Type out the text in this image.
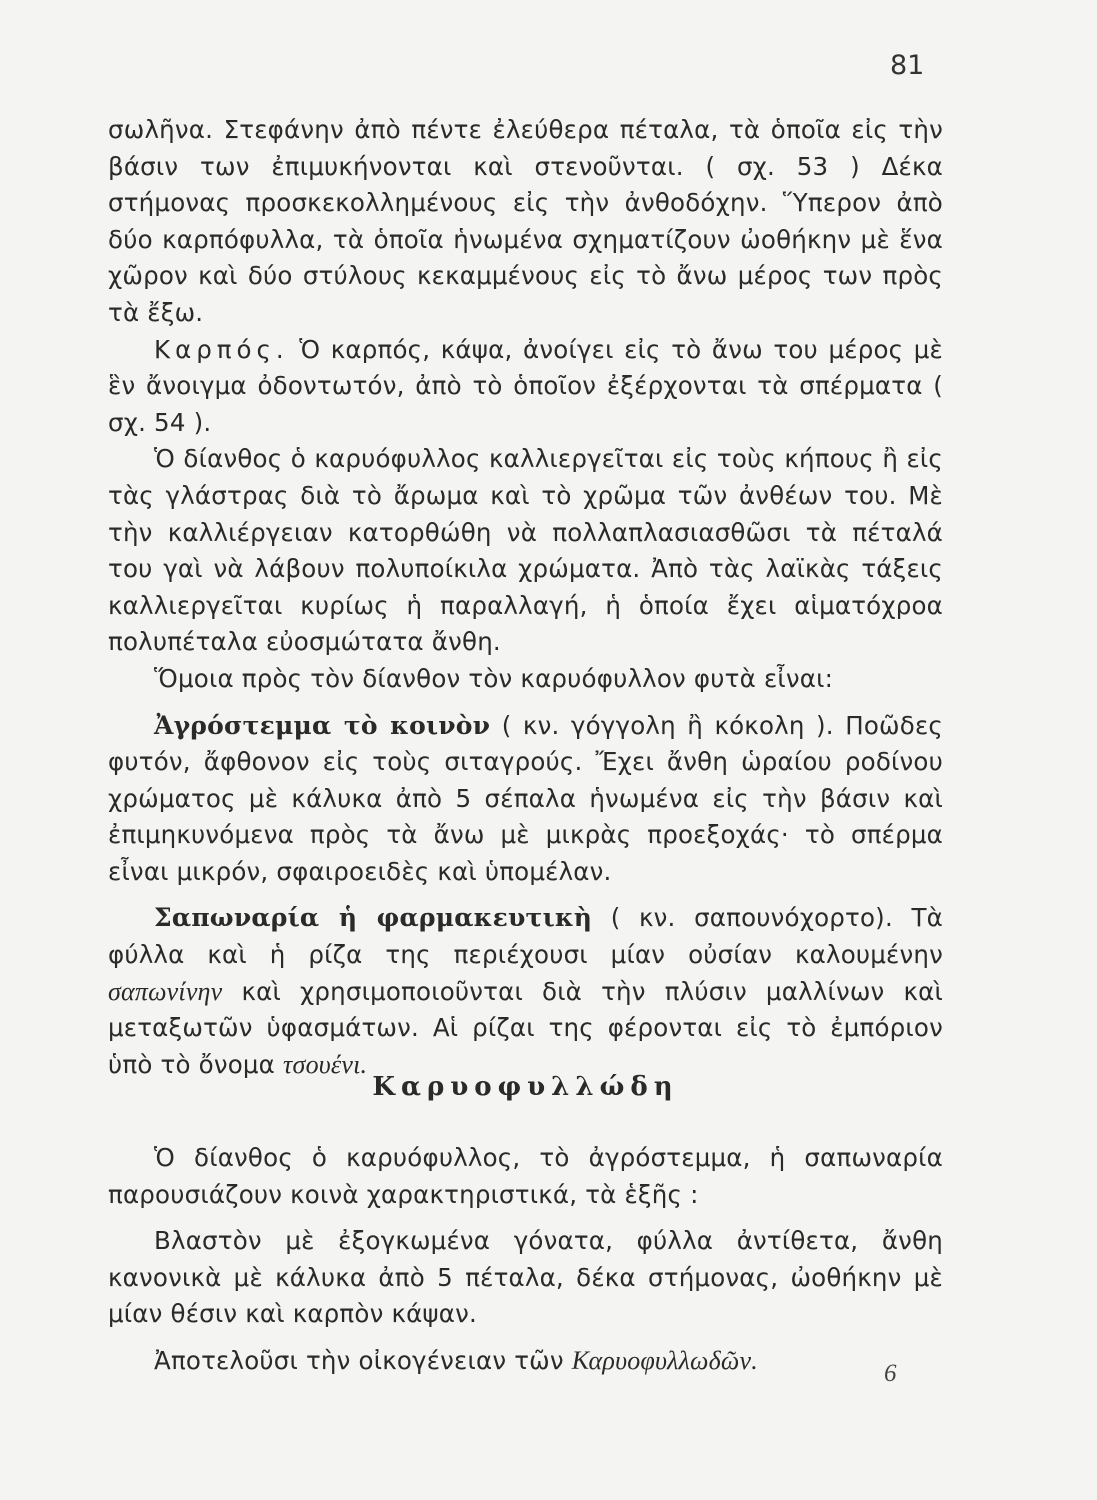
81

σωλῆνα. Στεφάνην ἀπὸ πέντε ἐλεύθερα πέταλα, τὰ ὁποῖα εἰς τὴν βάσιν των ἐπιμυκήνονται καὶ στενοῦνται. ( σχ. 53 ) Δέκα στήμονας προσκεκολλημένους εἰς τὴν ἀνθοδόχην. Ὕπερον ἀπὸ δύο καρπόφυλλα, τὰ ὁποῖα ἡνωμένα σχηματίζουν ὠοθήκην μὲ ἕνα χῶρον καὶ δύο στύλους κεκαμμένους εἰς τὸ ἄνω μέρος των πρὸς τὰ ἔξω.

Καρπός. Ὁ καρπός, κάψα, ἀνοίγει εἰς τὸ ἄνω του μέρος μὲ ἓν ἄνοιγμα ὀδοντωτόν, ἀπὸ τὸ ὁποῖον ἐξέρχονται τὰ σπέρματα ( σχ. 54 ).

Ὁ δίανθος ὁ καρυόφυλλος καλλιεργεῖται εἰς τοὺς κήπους ἢ εἰς τὰς γλάστρας διὰ τὸ ἄρωμα καὶ τὸ χρῶμα τῶν ἀνθέων του. Μὲ τὴν καλλιέργειαν κατορθώθη νὰ πολλαπλασιασθῶσι τὰ πέταλά του γαὶ νὰ λάβουν πολυποίκιλα χρώματα. Ἀπὸ τὰς λαϊκὰς τάξεις καλλιεργεῖται κυρίως ἡ παραλλαγή, ἡ ὁποία ἔχει αἱματόχροα πολυπέταλα εὐοσμώτατα ἄνθη.

Ὅμοια πρὸς τὸν δίανθον τὸν καρυόφυλλον φυτὰ εἶναι:

Ἀγρόστεμμα τὸ κοινὸν ( κν. γόγγολη ἢ κόκολη ). Ποῶδες φυτόν, ἄφθονον εἰς τοὺς σιταγρούς. Ἔχει ἄνθη ὡραίου ροδίνου χρώματος μὲ κάλυκα ἀπὸ 5 σέπαλα ἡνωμένα εἰς τὴν βάσιν καὶ ἐπιμηκυνόμενα πρὸς τὰ ἄνω μὲ μικρὰς προεξοχάς· τὸ σπέρμα εἶναι μικρόν, σφαιροειδὲς καὶ ὑπομέλαν.

Σαπωναρία ἡ φαρμακευτικὴ ( κν. σαπουνόχορτο). Τὰ φύλλα καὶ ἡ ρίζα της περιέχουσι μίαν οὐσίαν καλουμένην σαπωνίνην καὶ χρησιμοποιοῦνται διὰ τὴν πλύσιν μαλλίνων καὶ μεταξωτῶν ὑφασμάτων. Αἱ ρίζαι της φέρονται εἰς τὸ ἐμπόριον ὑπὸ τὸ ὄνομα τσουένι.

Καρυοφυλλώδη

Ὁ δίανθος ὁ καρυόφυλλος, τὸ ἀγρόστεμμα, ἡ σαπωναρία παρουσιάζουν κοινὰ χαρακτηριστικά, τὰ ἑξῆς :

Βλαστὸν μὲ ἐξογκωμένα γόνατα, φύλλα ἀντίθετα, ἄνθη κανονικὰ μὲ κάλυκα ἀπὸ 5 πέταλα, δέκα στήμονας, ὠοθήκην μὲ μίαν θέσιν καὶ καρπὸν κάψαν.

Ἀποτελοῦσι τὴν οἰκογένειαν τῶν Καρυοφυλλωδῶν.	6
